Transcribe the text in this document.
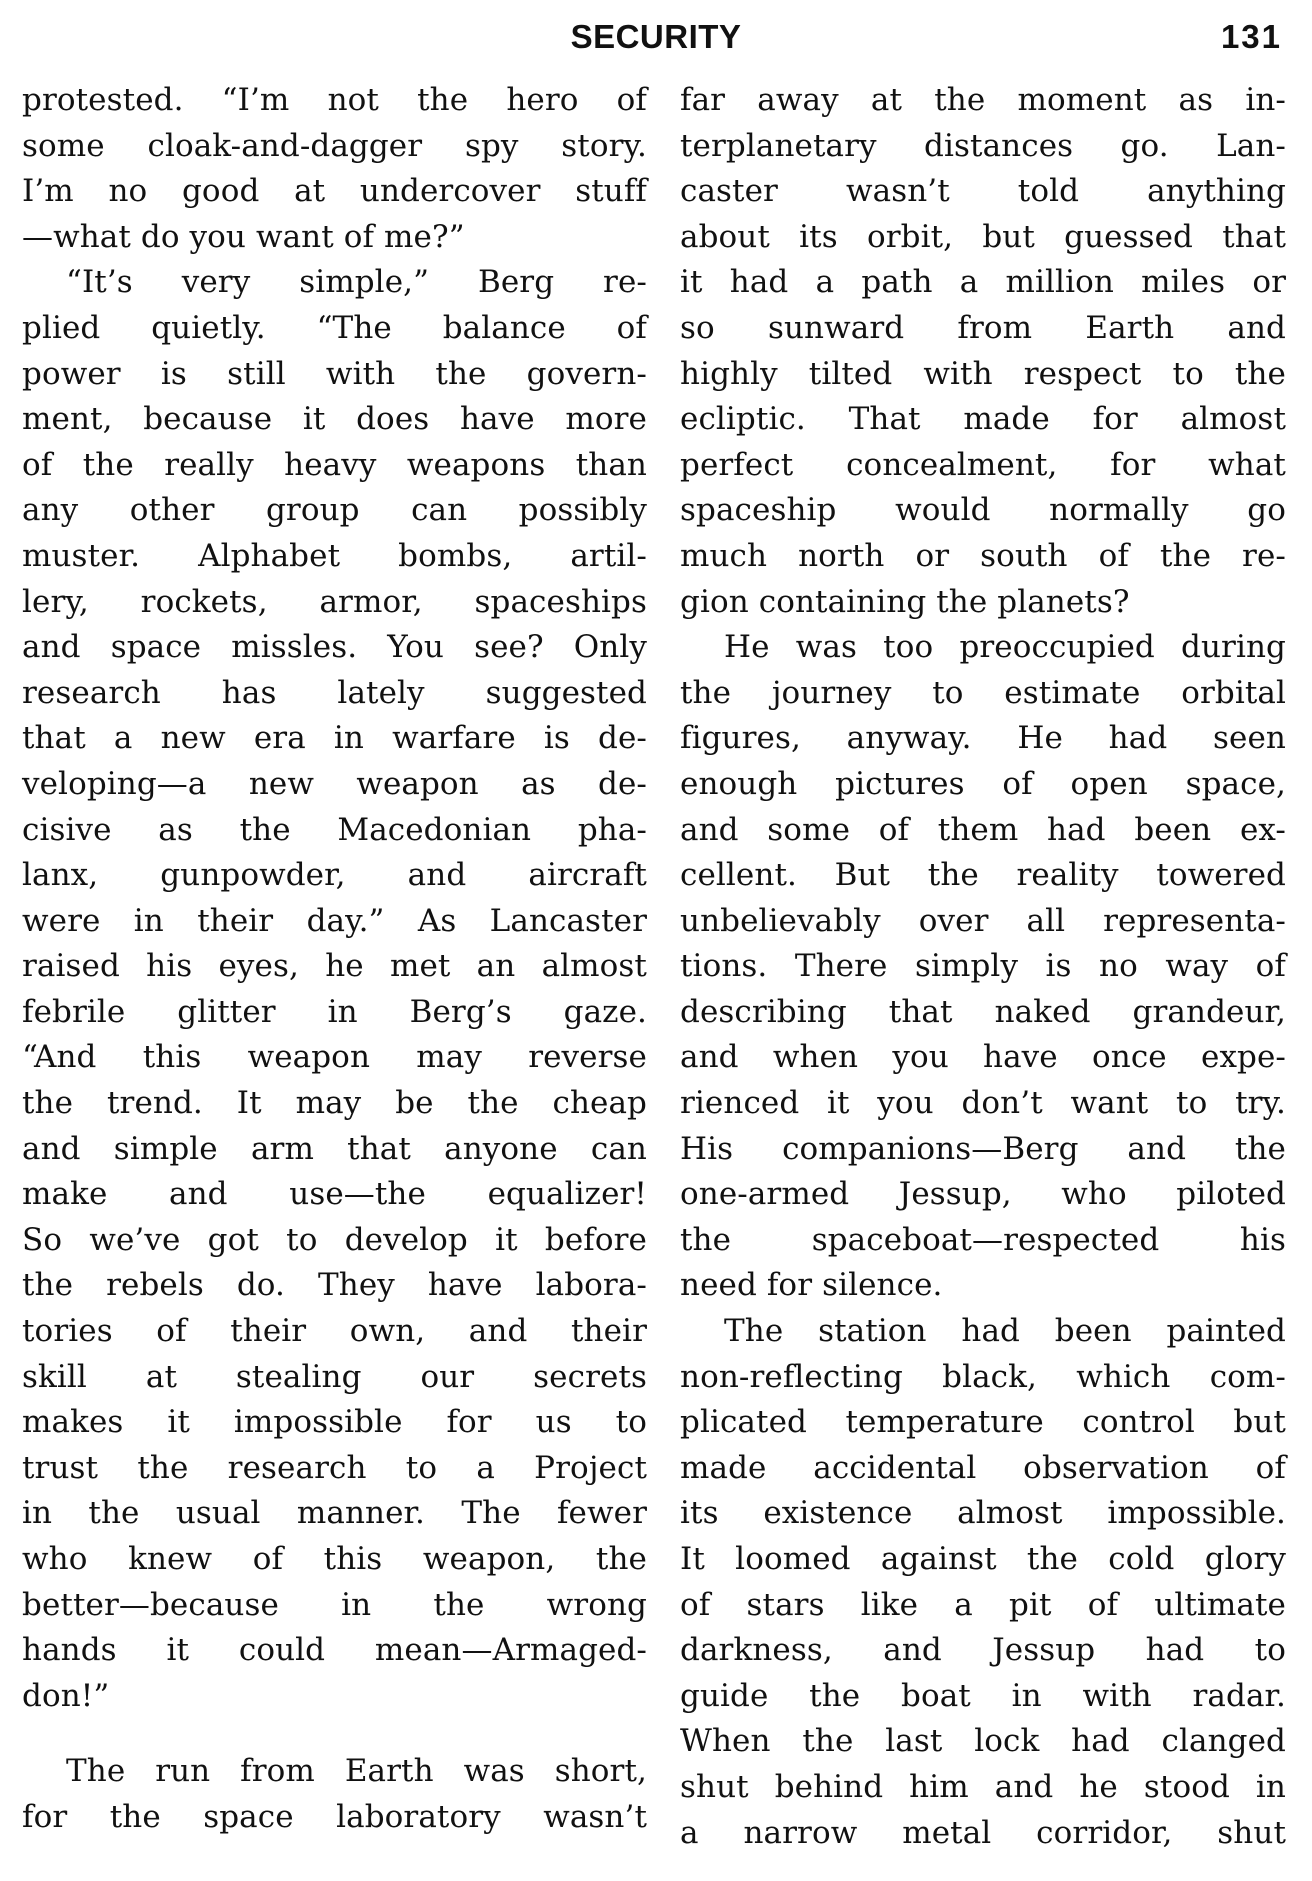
SECURITY	131
protested. “I’m not the hero of
some cloak-and-dagger spy story.
I’m no good at undercover stuff
—what do you want of me?”
“It’s very simple,” Berg re-
plied quietly. “The balance of
power is still with the govern-
ment, because it does have more
of the really heavy weapons than
any other group can possibly
muster. Alphabet bombs, artil-
lery, rockets, armor, spaceships
and space missles. You see? Only
research has lately suggested
that a new era in warfare is de-
veloping—a new weapon as de-
cisive as the Macedonian pha-
lanx, gunpowder, and aircraft
were in their day.” As Lancaster
raised his eyes, he met an almost
febrile glitter in Berg’s gaze.
“And this weapon may reverse
the trend. It may be the cheap
and simple arm that anyone can
make and use—the equalizer!
So we’ve got to develop it before
the rebels do. They have labora-
tories of their own, and their
skill at stealing our secrets
makes it impossible for us to
trust the research to a Project
in the usual manner. The fewer
who knew of this weapon, the
better—because in the wrong
hands it could mean—Armaged-
don!”
The run from Earth was short,
for the space laboratory wasn’t
far away at the moment as in-
terplanetary distances go. Lan-
caster wasn’t told anything
about its orbit, but guessed that
it had a path a million miles or
so sunward from Earth and
highly tilted with respect to the
ecliptic. That made for almost
perfect concealment, for what
spaceship would normally go
much north or south of the re-
gion containing the planets?
He was too preoccupied during
the journey to estimate orbital
figures, anyway. He had seen
enough pictures of open space,
and some of them had been ex-
cellent. But the reality towered
unbelievably over all representa-
tions. There simply is no way of
describing that naked grandeur,
and when you have once expe-
rienced it you don’t want to try.
His companions—Berg and the
one-armed Jessup, who piloted
the spaceboat—respected his
need for silence.
The station had been painted
non-reflecting black, which com-
plicated temperature control but
made accidental observation of
its existence almost impossible.
It loomed against the cold glory
of stars like a pit of ultimate
darkness, and Jessup had to
guide the boat in with radar.
When the last lock had clanged
shut behind him and he stood in
a narrow metal corridor, shut
